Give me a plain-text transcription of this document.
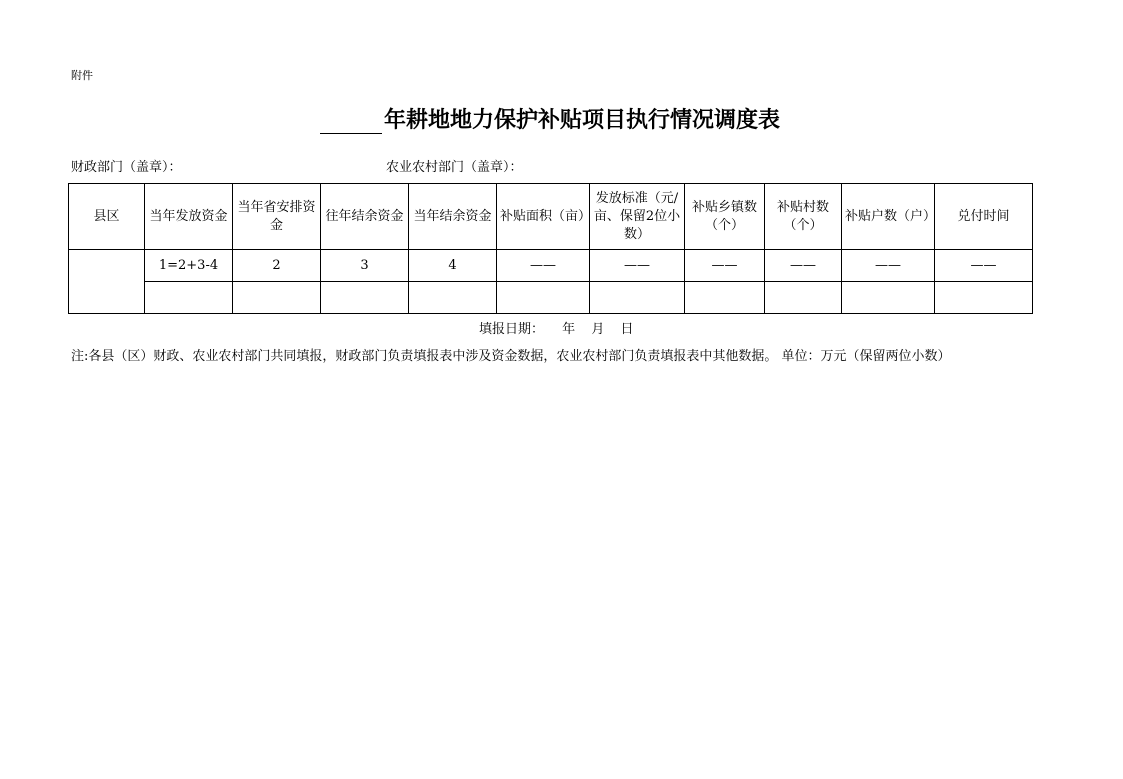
附件
年耕地地力保护补贴项目执行情况调度表
财政部门（盖章）：	农业农村部门（盖章）：
县区	当年发放资金	当年省安排资金	往年结余资金	当年结余资金	补贴面积（亩）	发放标准（元/亩、保留2位小数）	补贴乡镇数（个）	补贴村数（个）	补贴户数（户）	兑付时间
	1=2+3-4	2	3	4	——	——	——	——	——	——

填报日期： 年 月 日
注:各县（区）财政、农业农村部门共同填报，财政部门负责填报表中涉及资金数据，农业农村部门负责填报表中其他数据。 单位：万元（保留两位小数）
